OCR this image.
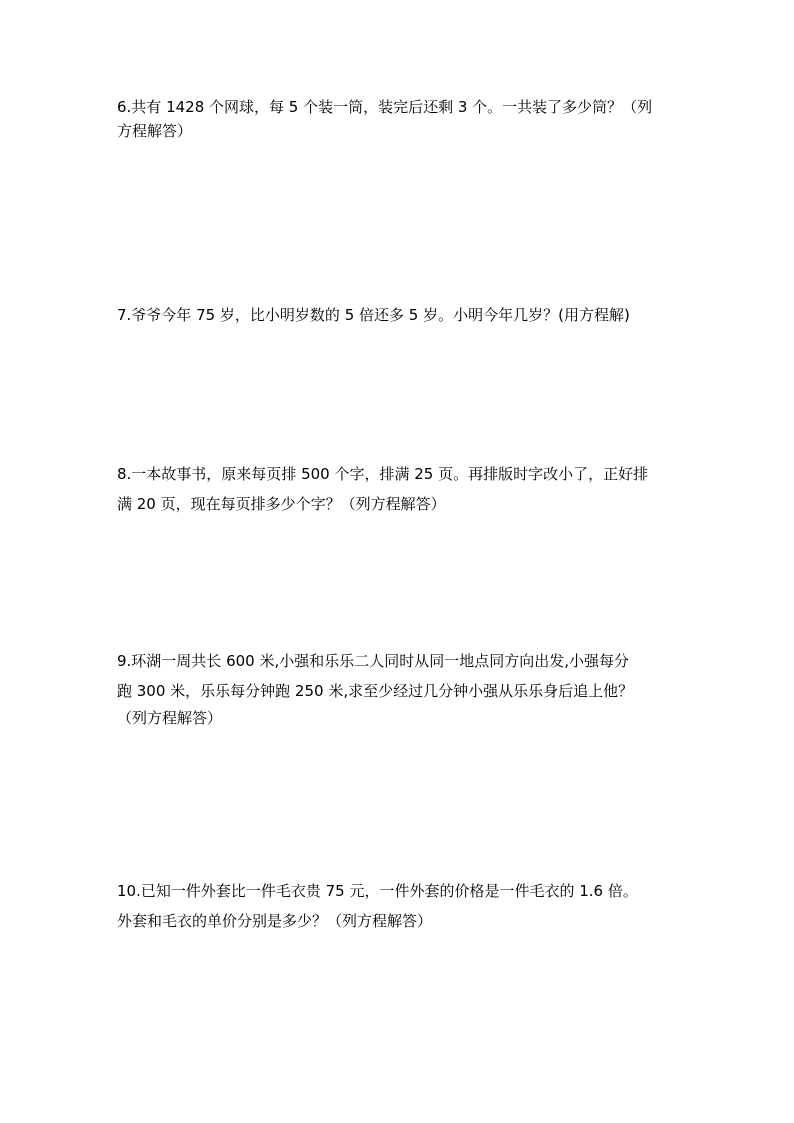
6.共有 1428 个网球，每 5 个装一筒，装完后还剩 3 个。一共装了多少筒？（列
方程解答）
7.爷爷今年 75 岁，比小明岁数的 5 倍还多 5 岁。小明今年几岁？(用方程解)
8.一本故事书，原来每页排 500 个字，排满 25 页。再排版时字改小了，正好排
满 20 页，现在每页排多少个字？（列方程解答）
9.环湖一周共长 600 米,小强和乐乐二人同时从同一地点同方向出发,小强每分
跑 300 米，乐乐每分钟跑 250 米,求至少经过几分钟小强从乐乐身后追上他？
（列方程解答）
10.已知一件外套比一件毛衣贵 75 元，一件外套的价格是一件毛衣的 1.6 倍。
外套和毛衣的单价分别是多少？（列方程解答）
